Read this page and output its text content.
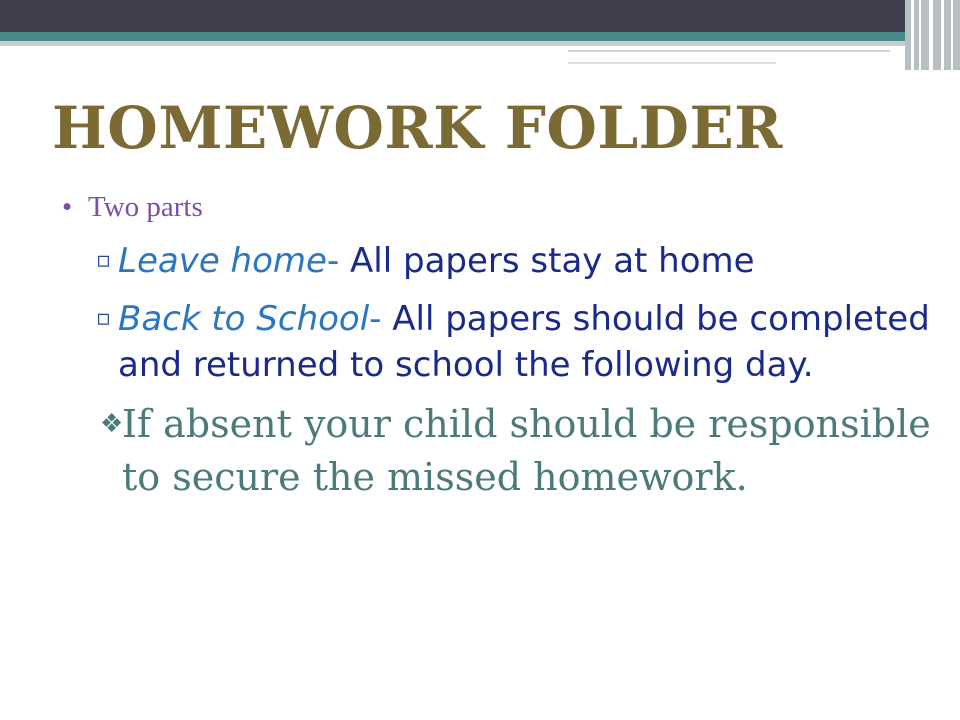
HOMEWORK FOLDER
• Two parts
▫ Leave home- All papers stay at home
▫ Back to School- All papers should be completed and returned to school the following day.
❖
If absent your child should be responsible to secure the missed homework.
